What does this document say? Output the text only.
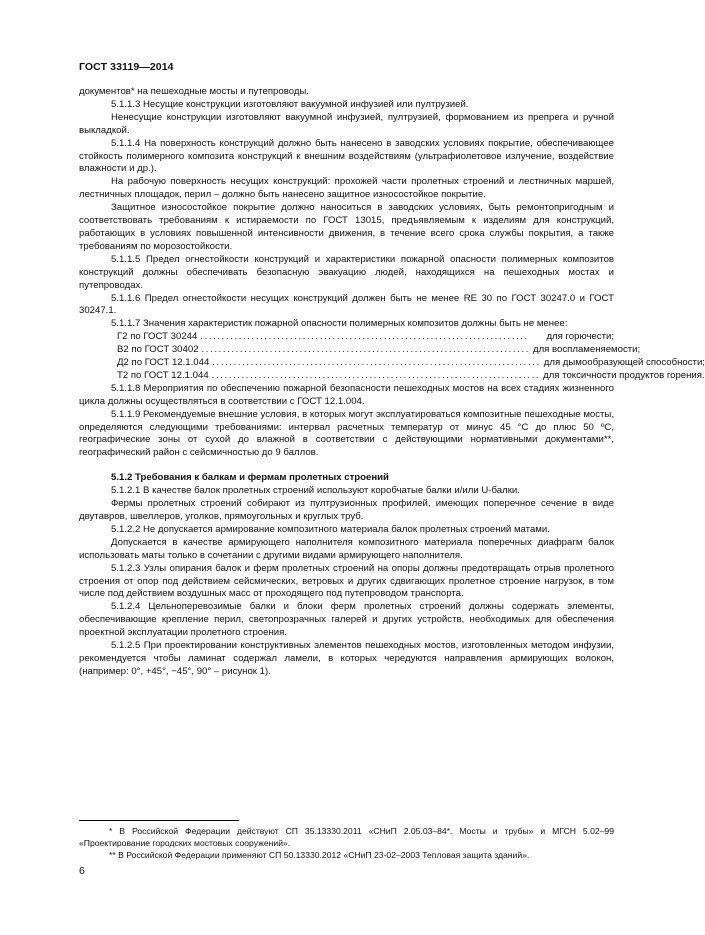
ГОСТ 33119—2014

документов* на пешеходные мосты и путепроводы.

5.1.1.3 Несущие конструкции изготовляют вакуумной инфузией или пултрузией.

Ненесущие конструкции изготовляют вакуумной инфузией, пултрузией, формованием из препрега и ручной выкладкой.

5.1.1.4 На поверхность конструкций должно быть нанесено в заводских условиях покрытие, обеспечивающее стойкость полимерного композита конструкций к внешним воздействиям (ультрафиолетовое излучение, воздействие влажности и др.).

На рабочую поверхность несущих конструкций: прохожей части пролетных строений и лестничных маршей, лестничных площадок, перил – должно быть нанесено защитное износостойкое покрытие.

Защитное износостойкое покрытие должно наноситься в заводских условиях, быть ремонтопригодным и соответствовать требованиям к истираемости по ГОСТ 13015, предъявляемым к изделиям для конструкций, работающих в условиях повышенной интенсивности движения, в течение всего срока службы покрытия, а также требованиям по морозостойкости.

5.1.1.5 Предел огнестойкости конструкций и характеристики пожарной опасности полимерных композитов конструкций должны обеспечивать безопасную эвакуацию людей, находящихся на пешеходных мостах и путепроводах.

5.1.1.6 Предел огнестойкости несущих конструкций должен быть не менее RE 30 по ГОСТ 30247.0 и ГОСТ 30247.1.

5.1.1.7 Значения характеристик пожарной опасности полимерных композитов должны быть не менее:

Г2 по ГОСТ 30244 .............................................................................	для горючести;
В2 по ГОСТ 30402 ............................................................................. для воспламеняемости;
Д2 по ГОСТ 12.1.044 ............................................................................. для дымообразующей способности;
Т2 по ГОСТ 12.1.044 ............................................................................. для токсичности продуктов горения.

5.1.1.8 Мероприятия по обеспечению пожарной безопасности пешеходных мостов на всех стадиях жизненного цикла должны осуществляться в соответствии с ГОСТ 12.1.004.

5.1.1.9 Рекомендуемые внешние условия, в которых могут эксплуатироваться композитные пешеходные мосты, определяются следующими требованиями: интервал расчетных температур от минус 45 °С до плюс 50 ºС, географические зоны от сухой до влажной в соответствии с действующими нормативными документами**, географический район с сейсмичностью до 9 баллов.

5.1.2 Требования к балкам и фермам пролетных строений

5.1.2.1 В качестве балок пролетных строений используют коробчатые балки и/или U-балки.

Фермы пролетных строений собирают из пултрузионных профилей, имеющих поперечное сечение в виде двутавров, швеллеров, уголков, прямоугольных и круглых труб.

5.1.2.2 Не допускается армирование композитного материала балок пролетных строений матами.

Допускается в качестве армирующего наполнителя композитного материала поперечных диафрагм балок использовать маты только в сочетании с другими видами армирующего наполнителя.

5.1.2.3 Узлы опирания балок и ферм пролетных строений на опоры должны предотвращать отрыв пролетного строения от опор под действием сейсмических, ветровых и других сдвигающих пролетное строение нагрузок, в том числе под действием воздушных масс от проходящего под путепроводом транспорта.

5.1.2.4 Цельноперевозимые балки и блоки ферм пролетных строений должны содержать элементы, обеспечивающие крепление перил, светопрозрачных галерей и других устройств, необходимых для обеспечения проектной эксплуатации пролетного строения.

5.1.2.5 При проектировании конструктивных элементов пешеходных мостов, изготовленных методом инфузии, рекомендуется чтобы ламинат содержал ламели, в которых чередуются направления армирующих волокон, (например: 0°, +45°, −45°, 90° – рисунок 1).

* В Российской Федерации действуют СП 35.13330.2011 «СНиП 2.05.03–84*. Мосты и трубы» и МГСН 5.02–99 «Проектирование городских мостовых сооружений».

** В Российской Федерации применяют СП 50.13330.2012 «СНиП 23-02–2003 Тепловая защита зданий».

6
